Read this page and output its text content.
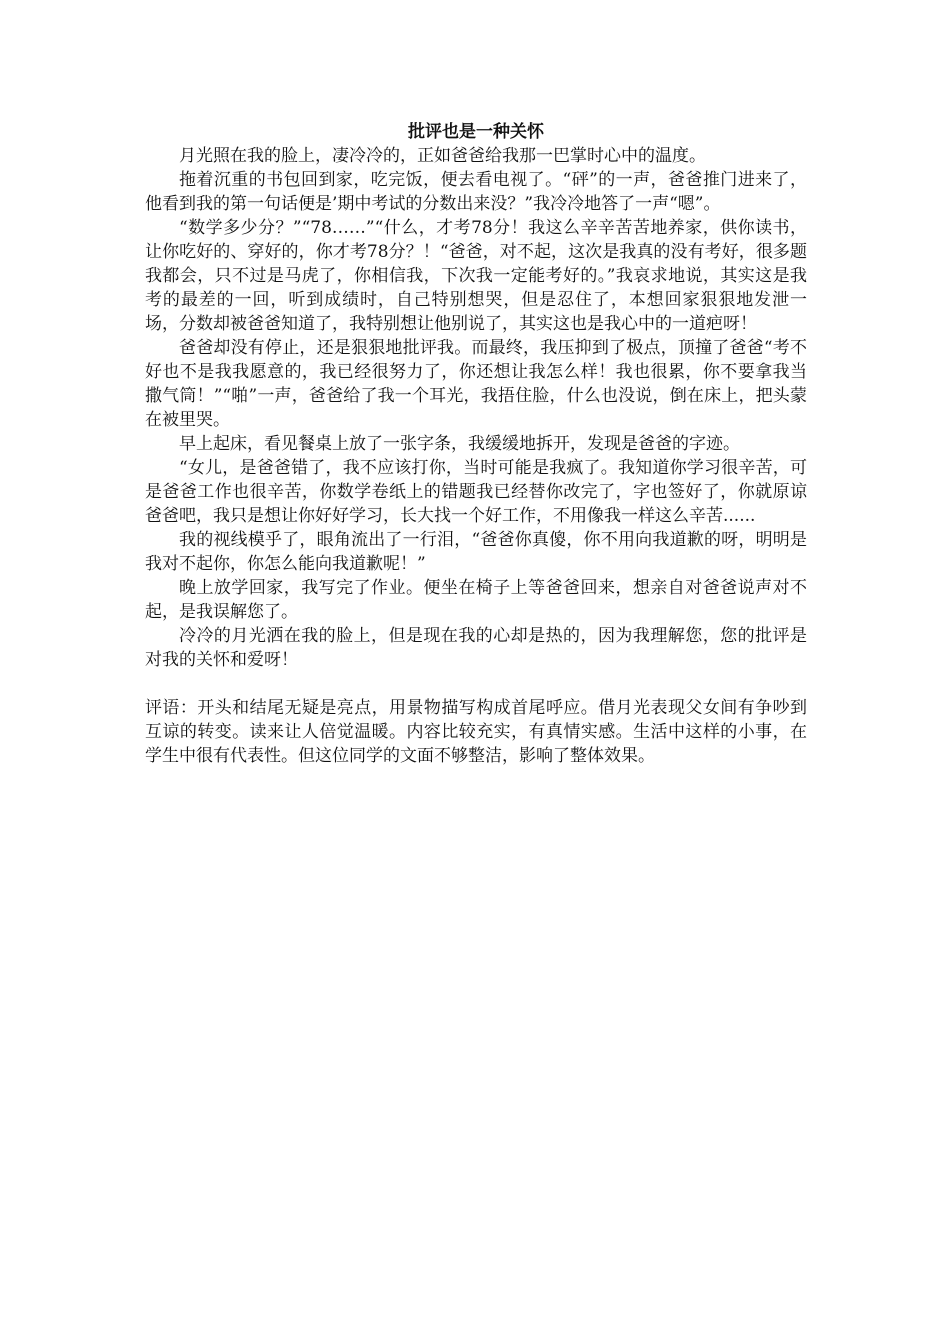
批评也是一种关怀

月光照在我的脸上，凄冷冷的，正如爸爸给我那一巴掌时心中的温度。

拖着沉重的书包回到家，吃完饭，便去看电视了。“砰”的一声，爸爸推门进来了，他看到我的第一句话便是’期中考试的分数出来没？”我冷冷地答了一声“嗯”。

“数学多少分？”“78……”“什么，才考78分！我这么辛辛苦苦地养家，供你读书，让你吃好的、穿好的，你才考78分？！“爸爸，对不起，这次是我真的没有考好，很多题我都会，只不过是马虎了，你相信我，下次我一定能考好的。”我哀求地说，其实这是我考的最差的一回，听到成绩时，自己特别想哭，但是忍住了，本想回家狠狠地发泄一场，分数却被爸爸知道了，我特别想让他别说了，其实这也是我心中的一道疤呀！

爸爸却没有停止，还是狠狠地批评我。而最终，我压抑到了极点，顶撞了爸爸“考不好也不是我我愿意的，我已经很努力了，你还想让我怎么样！我也很累，你不要拿我当撒气筒！”“啪”一声，爸爸给了我一个耳光，我捂住脸，什么也没说，倒在床上，把头蒙在被里哭。

早上起床，看见餐桌上放了一张字条，我缓缓地拆开，发现是爸爸的字迹。

“女儿，是爸爸错了，我不应该打你，当时可能是我疯了。我知道你学习很辛苦，可是爸爸工作也很辛苦，你数学卷纸上的错题我已经替你改完了，字也签好了，你就原谅爸爸吧，我只是想让你好好学习，长大找一个好工作，不用像我一样这么辛苦......

我的视线模乎了，眼角流出了一行泪，“爸爸你真傻，你不用向我道歉的呀，明明是我对不起你，你怎么能向我道歉呢！”

晚上放学回家，我写完了作业。便坐在椅子上等爸爸回来，想亲自对爸爸说声对不起，是我误解您了。

冷冷的月光洒在我的脸上，但是现在我的心却是热的，因为我理解您，您的批评是对我的关怀和爱呀！

评语：开头和结尾无疑是亮点，用景物描写构成首尾呼应。借月光表现父女间有争吵到互谅的转变。读来让人倍觉温暖。内容比较充实，有真情实感。生活中这样的小事，在学生中很有代表性。但这位同学的文面不够整洁，影响了整体效果。
